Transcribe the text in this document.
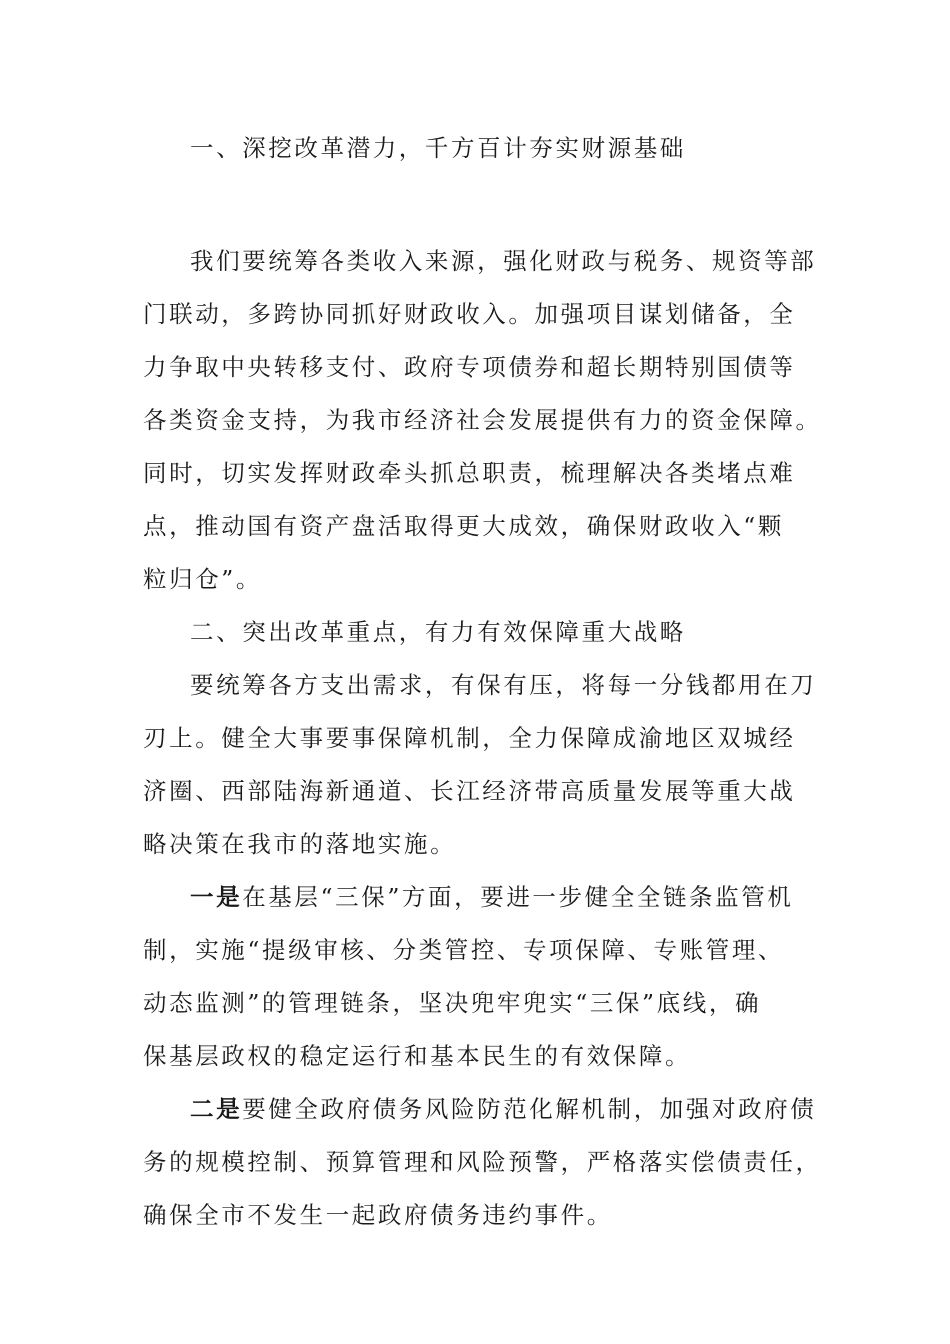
一、深挖改革潜力，千方百计夯实财源基础
我们要统筹各类收入来源，强化财政与税务、规资等部
门联动，多跨协同抓好财政收入。加强项目谋划储备，全
力争取中央转移支付、政府专项债券和超长期特别国债等
各类资金支持，为我市经济社会发展提供有力的资金保障。
同时，切实发挥财政牵头抓总职责，梳理解决各类堵点难
点，推动国有资产盘活取得更大成效，确保财政收入“颗
粒归仓”。
二、突出改革重点，有力有效保障重大战略
要统筹各方支出需求，有保有压，将每一分钱都用在刀
刃上。健全大事要事保障机制，全力保障成渝地区双城经
济圈、西部陆海新通道、长江经济带高质量发展等重大战
略决策在我市的落地实施。
一是在基层“三保”方面，要进一步健全全链条监管机
制，实施“提级审核、分类管控、专项保障、专账管理、
动态监测”的管理链条，坚决兜牢兜实“三保”底线，确
保基层政权的稳定运行和基本民生的有效保障。
二是要健全政府债务风险防范化解机制，加强对政府债
务的规模控制、预算管理和风险预警，严格落实偿债责任，
确保全市不发生一起政府债务违约事件。
